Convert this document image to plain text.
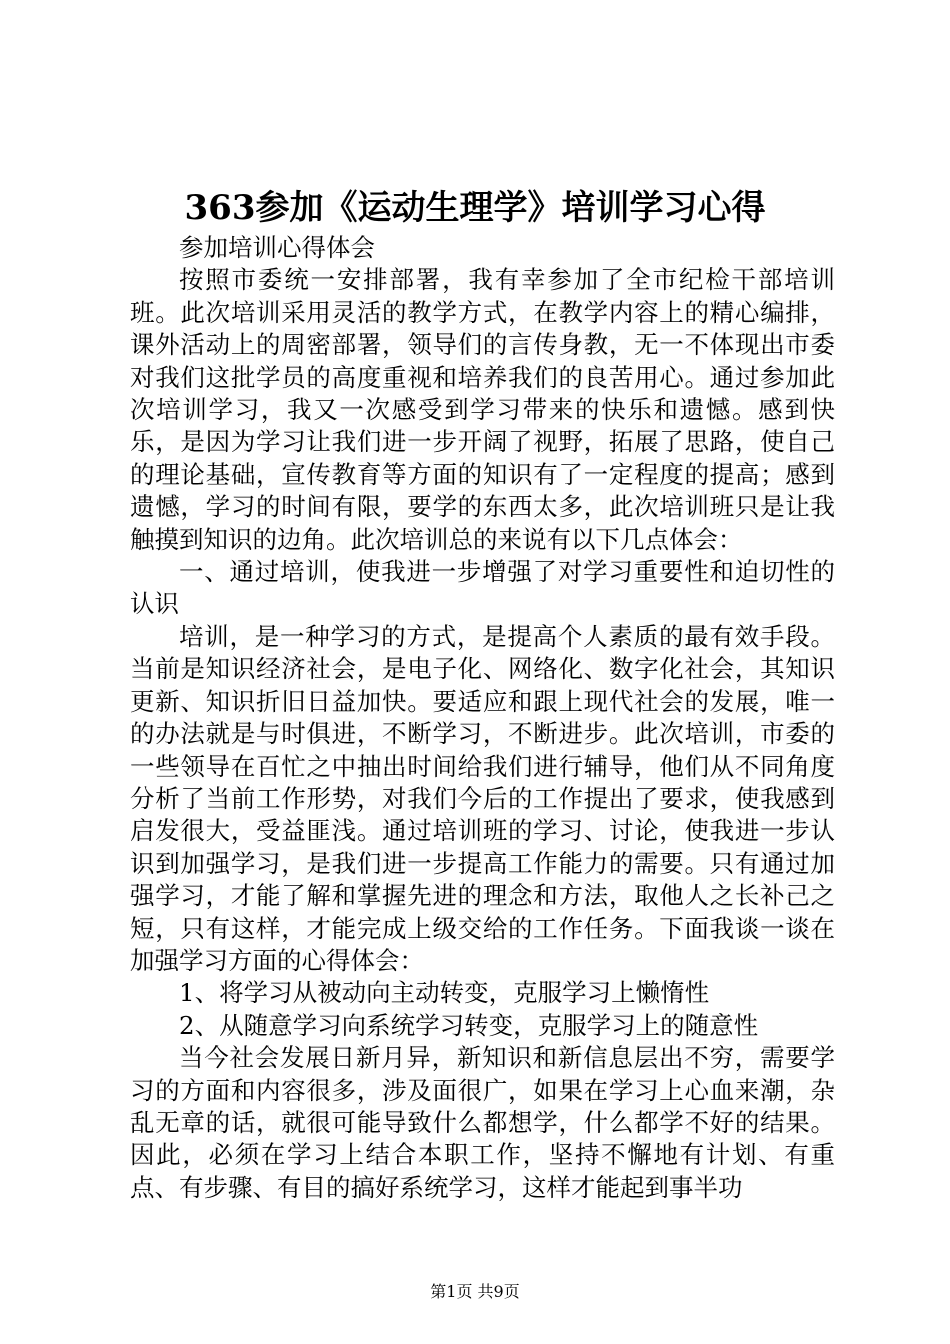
363参加《运动生理学》培训学习心得

参加培训心得体会

按照市委统一安排部署，我有幸参加了全市纪检干部培训班。此次培训采用灵活的教学方式，在教学内容上的精心编排，课外活动上的周密部署，领导们的言传身教，无一不体现出市委对我们这批学员的高度重视和培养我们的良苦用心。通过参加此次培训学习，我又一次感受到学习带来的快乐和遗憾。感到快乐，是因为学习让我们进一步开阔了视野，拓展了思路，使自己的理论基础，宣传教育等方面的知识有了一定程度的提高；感到遗憾，学习的时间有限，要学的东西太多，此次培训班只是让我触摸到知识的边角。此次培训总的来说有以下几点体会：

一、通过培训，使我进一步增强了对学习重要性和迫切性的认识

培训，是一种学习的方式，是提高个人素质的最有效手段。当前是知识经济社会，是电子化、网络化、数字化社会，其知识更新、知识折旧日益加快。要适应和跟上现代社会的发展，唯一的办法就是与时俱进，不断学习，不断进步。此次培训，市委的一些领导在百忙之中抽出时间给我们进行辅导，他们从不同角度分析了当前工作形势，对我们今后的工作提出了要求，使我感到启发很大，受益匪浅。通过培训班的学习、讨论，使我进一步认识到加强学习，是我们进一步提高工作能力的需要。只有通过加强学习，才能了解和掌握先进的理念和方法，取他人之长补己之短，只有这样，才能完成上级交给的工作任务。下面我谈一谈在加强学习方面的心得体会：

1、将学习从被动向主动转变，克服学习上懒惰性

2、从随意学习向系统学习转变，克服学习上的随意性

当今社会发展日新月异，新知识和新信息层出不穷，需要学习的方面和内容很多，涉及面很广，如果在学习上心血来潮，杂乱无章的话，就很可能导致什么都想学，什么都学不好的结果。因此，必须在学习上结合本职工作，坚持不懈地有计划、有重点、有步骤、有目的搞好系统学习，这样才能起到事半功

第1页 共9页
